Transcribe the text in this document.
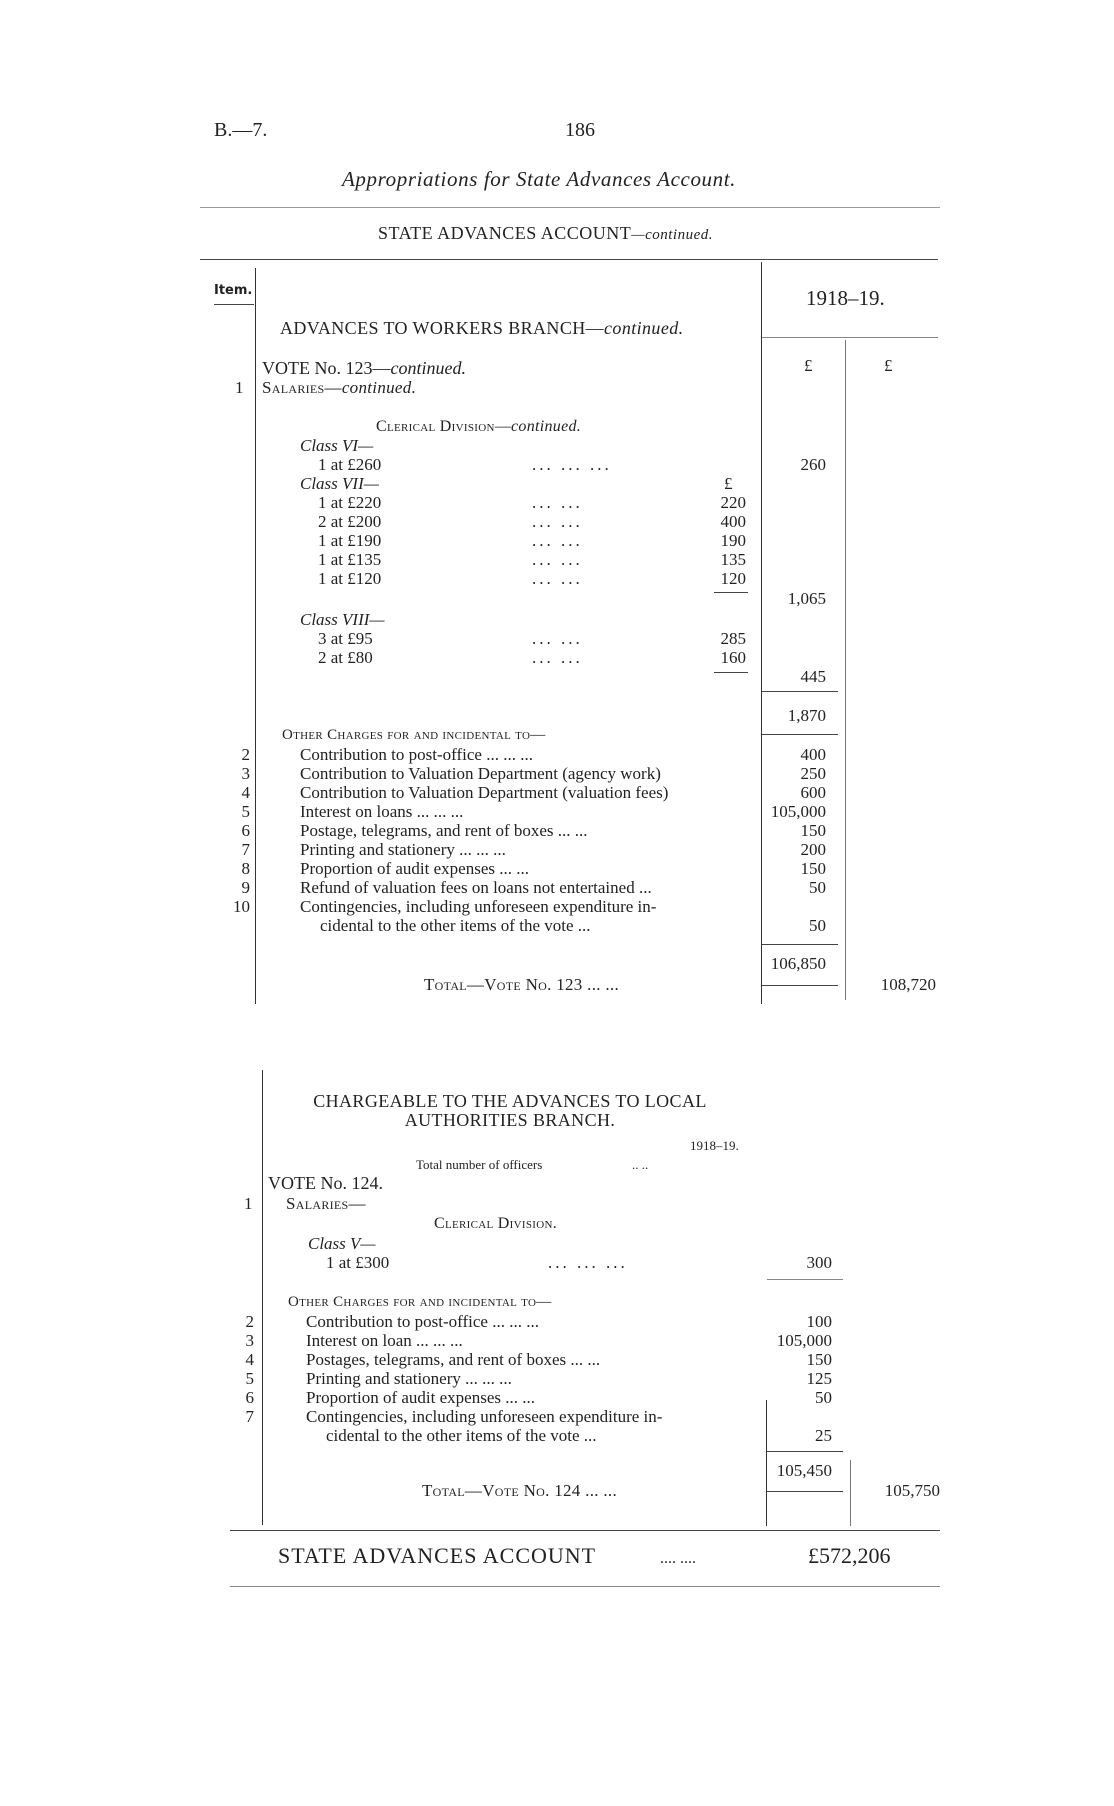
B.—7.	186
Appropriations for State Advances Account.
STATE ADVANCES ACCOUNT—continued.
Item.	1918–19.
£	£
ADVANCES TO WORKERS BRANCH—continued.
VOTE No. 123—continued.
1 Salaries—continued.
Clerical Division—continued.
Class VI—
1 at £260	... ... ...	260
Class VII—	£
1 at £220	... ...	220
2 at £200	... ...	400
1 at £190	... ...	190
1 at £135	... ...	135
1 at £120	... ...	120
1,065
Class VIII—
3 at £95	... ...	285
2 at £80	... ...	160
445
1,870
Other Charges for and incidental to—
2	Contribution to post-office ... ... ...	400
3	Contribution to Valuation Department (agency work)	250
4	Contribution to Valuation Department (valuation fees)	600
5	Interest on loans ... ... ...	105,000
6	Postage, telegrams, and rent of boxes ... ...	150
7	Printing and stationery ... ... ...	200
8	Proportion of audit expenses ... ...	150
9	Refund of valuation fees on loans not entertained ...	50
10	Contingencies, including unforeseen expenditure in-
cidental to the other items of the vote ...	50
106,850
Total—Vote No. 123 ... ...	108,720
CHARGEABLE TO THE ADVANCES TO LOCAL
AUTHORITIES BRANCH.
1918–19.
Total number of officers	.. ..
VOTE No. 124.
1 Salaries—
Clerical Division.
Class V—
1 at £300	... ... ...	300
Other Charges for and incidental to—
2	Contribution to post-office ... ... ...	100
3	Interest on loan ... ... ...	105,000
4	Postages, telegrams, and rent of boxes ... ...	150
5	Printing and stationery ... ... ...	125
6	Proportion of audit expenses ... ...	50
7	Contingencies, including unforeseen expenditure in-
cidental to the other items of the vote ...	25
105,450
Total—Vote No. 124 ... ...	105,750
STATE ADVANCES ACCOUNT	.... ....	£572,206
